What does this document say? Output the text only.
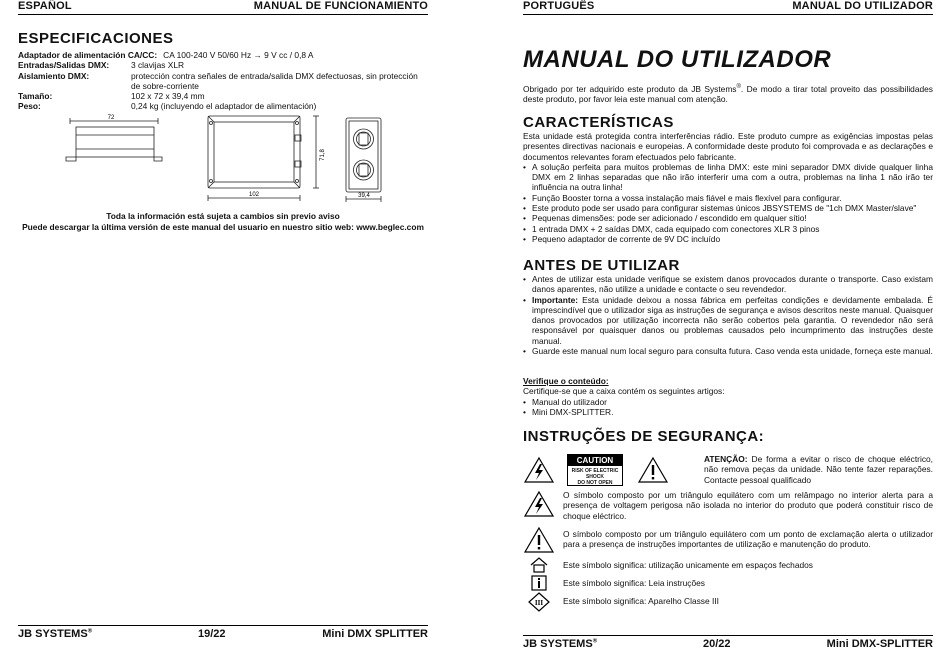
ESPAÑOL	MANUAL DE FUNCIONAMIENTO
ESPECIFICACIONES
Adaptador de alimentación CA/CC: CA 100-240 V 50/60 Hz → 9 V cc / 0,8 A
Entradas/Salidas DMX:	3 clavijas XLR
Aislamiento DMX:	protección contra señales de entrada/salida DMX defectuosas, sin protección de sobre-corriente
Tamaño:	102 x 72 x 39,4 mm
Peso:	0,24 kg (incluyendo el adaptador de alimentación)
72
71,8
102	39,4
Toda la información está sujeta a cambios sin previo aviso
Puede descargar la última versión de este manual del usuario en nuestro sitio web: www.beglec.com
JB SYSTEMS®	19/22	Mini DMX SPLITTER
PORTUGUÊS	MANUAL DO UTILIZADOR
MANUAL DO UTILIZADOR
Obrigado por ter adquirido este produto da JB Systems®. De modo a tirar total proveito das possibilidades deste produto, por favor leia este manual com atenção.
CARACTERÍSTICAS
Esta unidade está protegida contra interferências rádio. Este produto cumpre as exigências impostas pelas presentes directivas nacionais e europeias. A conformidade deste produto foi comprovada e as declarações e documentos relevantes foram efectuados pelo fabricante.
• A solução perfeita para muitos problemas de linha DMX: este mini separador DMX divide qualquer linha DMX em 2 linhas separadas que não irão interferir uma com a outra, problemas na linha 1 não irão ter influência na outra linha!
• Função Booster torna a vossa instalação mais fiável e mais flexível para configurar.
• Este produto pode ser usado para configurar sistemas únicos JBSYSTEMS de "1ch DMX Master/slave"
• Pequenas dimensões: pode ser adicionado / escondido em qualquer sítio!
• 1 entrada DMX + 2 saídas DMX, cada equipado com conectores XLR 3 pinos
• Pequeno adaptador de corrente de 9V DC incluído
ANTES DE UTILIZAR
• Antes de utilizar esta unidade verifique se existem danos provocados durante o transporte. Caso existam danos aparentes, não utilize a unidade e contacte o seu revendedor.
• Importante: Esta unidade deixou a nossa fábrica em perfeitas condições e devidamente embalada. É imprescindível que o utilizador siga as instruções de segurança e avisos descritos neste manual. Quaisquer danos provocados por utilização incorrecta não serão cobertos pela garantia. O revendedor não será responsável por quaisquer danos ou problemas causados pelo incumprimento das instruções deste manual.
• Guarde este manual num local seguro para consulta futura. Caso venda esta unidade, forneça este manual.
Verifique o conteúdo:
Certifique-se que a caixa contém os seguintes artigos:
• Manual do utilizador
• Mini DMX-SPLITTER.
INSTRUÇÕES DE SEGURANÇA:
CAUTION
RISK OF ELECTRIC SHOCK
DO NOT OPEN
ATENÇÃO: De forma a evitar o risco de choque eléctrico, não remova peças da unidade. Não tente fazer reparações. Contacte pessoal qualificado
O símbolo composto por um triângulo equilátero com um relâmpago no interior alerta para a presença de voltagem perigosa não isolada no interior do produto que poderá constituir risco de choque eléctrico.
O símbolo composto por um triângulo equilátero com um ponto de exclamação alerta o utilizador para a presença de instruções importantes de utilização e manutenção do produto.
Este símbolo significa: utilização unicamente em espaços fechados
Este símbolo significa: Leia instruções
III Este símbolo significa: Aparelho Classe III
JB SYSTEMS®	20/22	Mini DMX-SPLITTER
